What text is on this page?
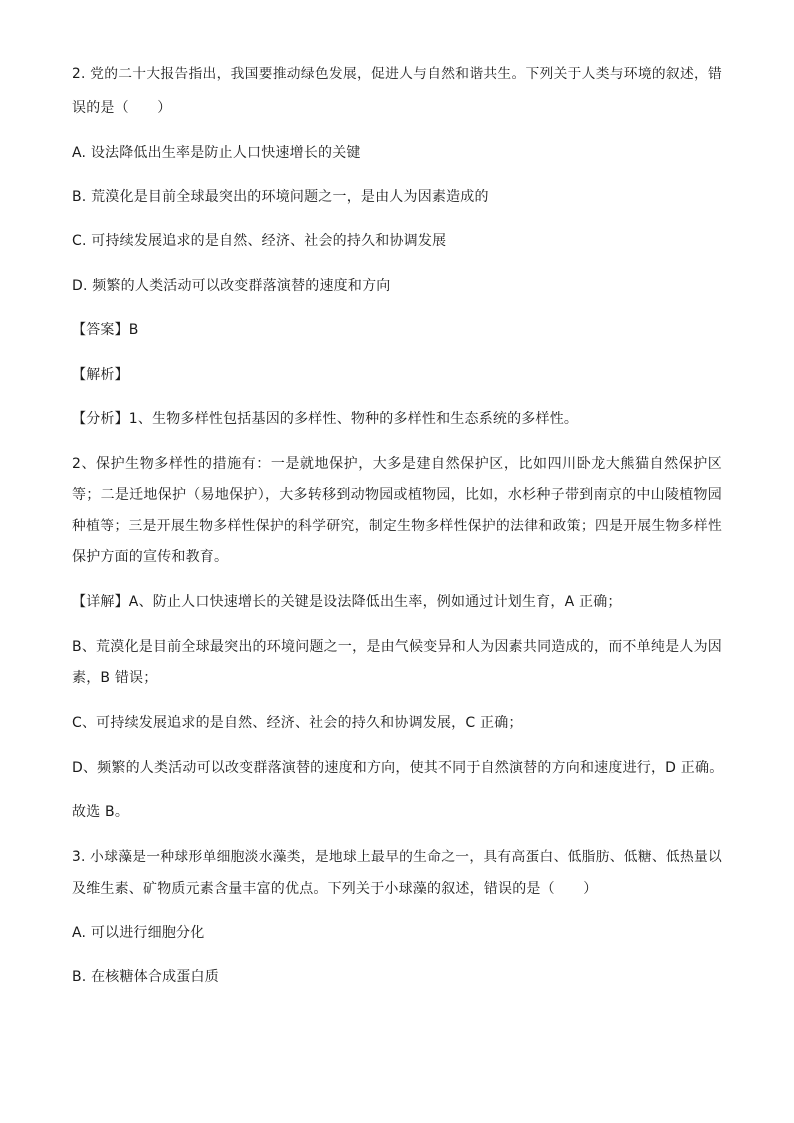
2. 党的二十大报告指出，我国要推动绿色发展，促进人与自然和谐共生。下列关于人类与环境的叙述，错
误的是（　　）
A. 设法降低出生率是防止人口快速增长的关键
B. 荒漠化是目前全球最突出的环境问题之一，是由人为因素造成的
C. 可持续发展追求的是自然、经济、社会的持久和协调发展
D. 频繁的人类活动可以改变群落演替的速度和方向
【答案】B
【解析】
【分析】1、生物多样性包括基因的多样性、物种的多样性和生态系统的多样性。
2、保护生物多样性的措施有：一是就地保护，大多是建自然保护区，比如四川卧龙大熊猫自然保护区
等；二是迁地保护（易地保护），大多转移到动物园或植物园，比如，水杉种子带到南京的中山陵植物园
种植等；三是开展生物多样性保护的科学研究，制定生物多样性保护的法律和政策；四是开展生物多样性
保护方面的宣传和教育。
【详解】A、防止人口快速增长的关键是设法降低出生率，例如通过计划生育，A 正确；
B、荒漠化是目前全球最突出的环境问题之一，是由气候变异和人为因素共同造成的，而不单纯是人为因
素，B 错误；
C、可持续发展追求的是自然、经济、社会的持久和协调发展，C 正确；
D、频繁的人类活动可以改变群落演替的速度和方向，使其不同于自然演替的方向和速度进行，D 正确。
故选 B。
3. 小球藻是一种球形单细胞淡水藻类，是地球上最早的生命之一，具有高蛋白、低脂肪、低糖、低热量以
及维生素、矿物质元素含量丰富的优点。下列关于小球藻的叙述，错误的是（　　）
A. 可以进行细胞分化
B. 在核糖体合成蛋白质
